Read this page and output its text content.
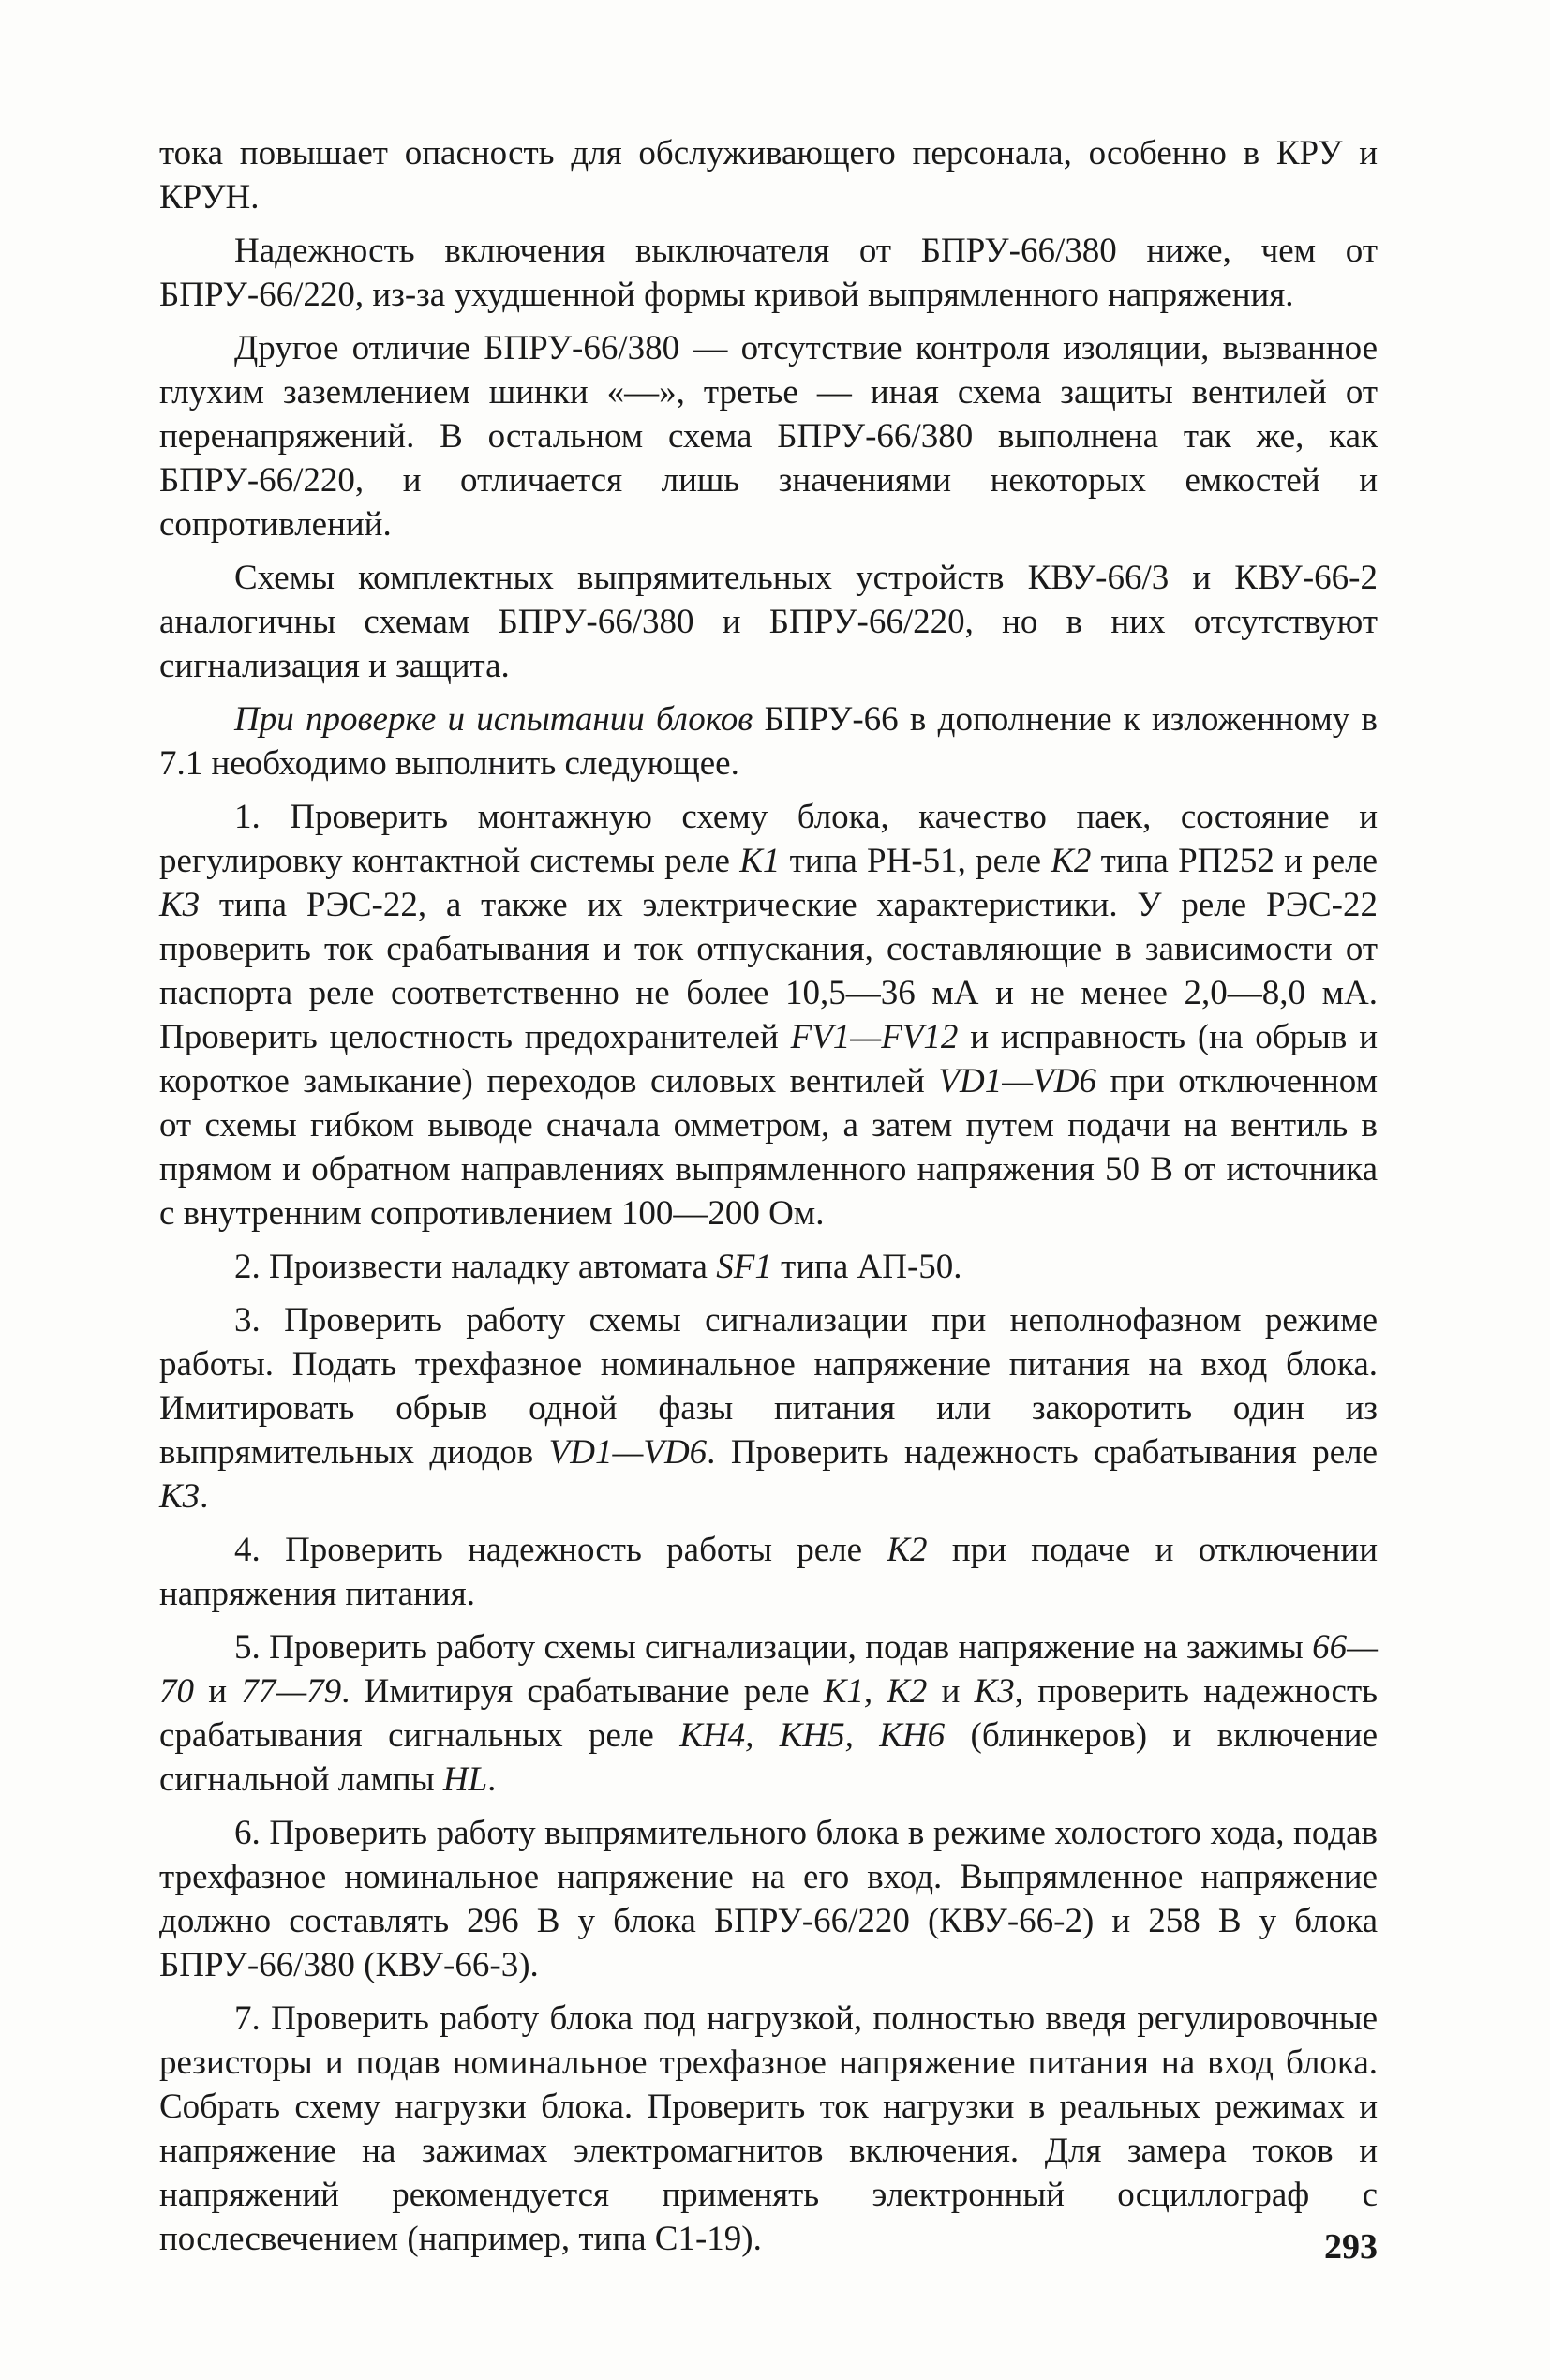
тока повышает опасность для обслуживающего персонала, особенно в КРУ и КРУН.

Надежность включения выключателя от БПРУ-66/380 ниже, чем от БПРУ-66/220, из-за ухудшенной формы кривой выпрямленного напряжения.

Другое отличие БПРУ-66/380 — отсутствие контроля изоляции, вызванное глухим заземлением шинки «—», третье — иная схема защиты вентилей от перенапряжений. В остальном схема БПРУ-66/380 выполнена так же, как БПРУ-66/220, и отличается лишь значениями некоторых емкостей и сопротивлений.

Схемы комплектных выпрямительных устройств КВУ-66/3 и КВУ-66-2 аналогичны схемам БПРУ-66/380 и БПРУ-66/220, но в них отсутствуют сигнализация и защита.

При проверке и испытании блоков БПРУ-66 в дополнение к изложенному в 7.1 необходимо выполнить следующее.

1. Проверить монтажную схему блока, качество паек, состояние и регулировку контактной системы реле К1 типа РН-51, реле К2 типа РП252 и реле К3 типа РЭС-22, а также их электрические характеристики. У реле РЭС-22 проверить ток срабатывания и ток отпускания, составляющие в зависимости от паспорта реле соответственно не более 10,5—36 мА и не менее 2,0—8,0 мА. Проверить целостность предохранителей FV1—FV12 и исправность (на обрыв и короткое замыкание) переходов силовых вентилей VD1—VD6 при отключенном от схемы гибком выводе сначала омметром, а затем путем подачи на вентиль в прямом и обратном направлениях выпрямленного напряжения 50 В от источника с внутренним сопротивлением 100—200 Ом.

2. Произвести наладку автомата SF1 типа АП-50.

3. Проверить работу схемы сигнализации при неполнофазном режиме работы. Подать трехфазное номинальное напряжение питания на вход блока. Имитировать обрыв одной фазы питания или закоротить один из выпрямительных диодов VD1—VD6. Проверить надежность срабатывания реле К3.

4. Проверить надежность работы реле К2 при подаче и отключении напряжения питания.

5. Проверить работу схемы сигнализации, подав напряжение на зажимы 66—70 и 77—79. Имитируя срабатывание реле К1, К2 и К3, проверить надежность срабатывания сигнальных реле КН4, КН5, КН6 (блинкеров) и включение сигнальной лампы HL.

6. Проверить работу выпрямительного блока в режиме холостого хода, подав трехфазное номинальное напряжение на его вход. Выпрямленное напряжение должно составлять 296 В у блока БПРУ-66/220 (КВУ-66-2) и 258 В у блока БПРУ-66/380 (КВУ-66-3).

7. Проверить работу блока под нагрузкой, полностью введя регулировочные резисторы и подав номинальное трехфазное напряжение питания на вход блока. Собрать схему нагрузки блока. Проверить ток нагрузки в реальных режимах и напряжение на зажимах электромагнитов включения. Для замера токов и напряжений рекомендуется применять электронный осциллограф с послесвечением (например, типа С1-19).	293
